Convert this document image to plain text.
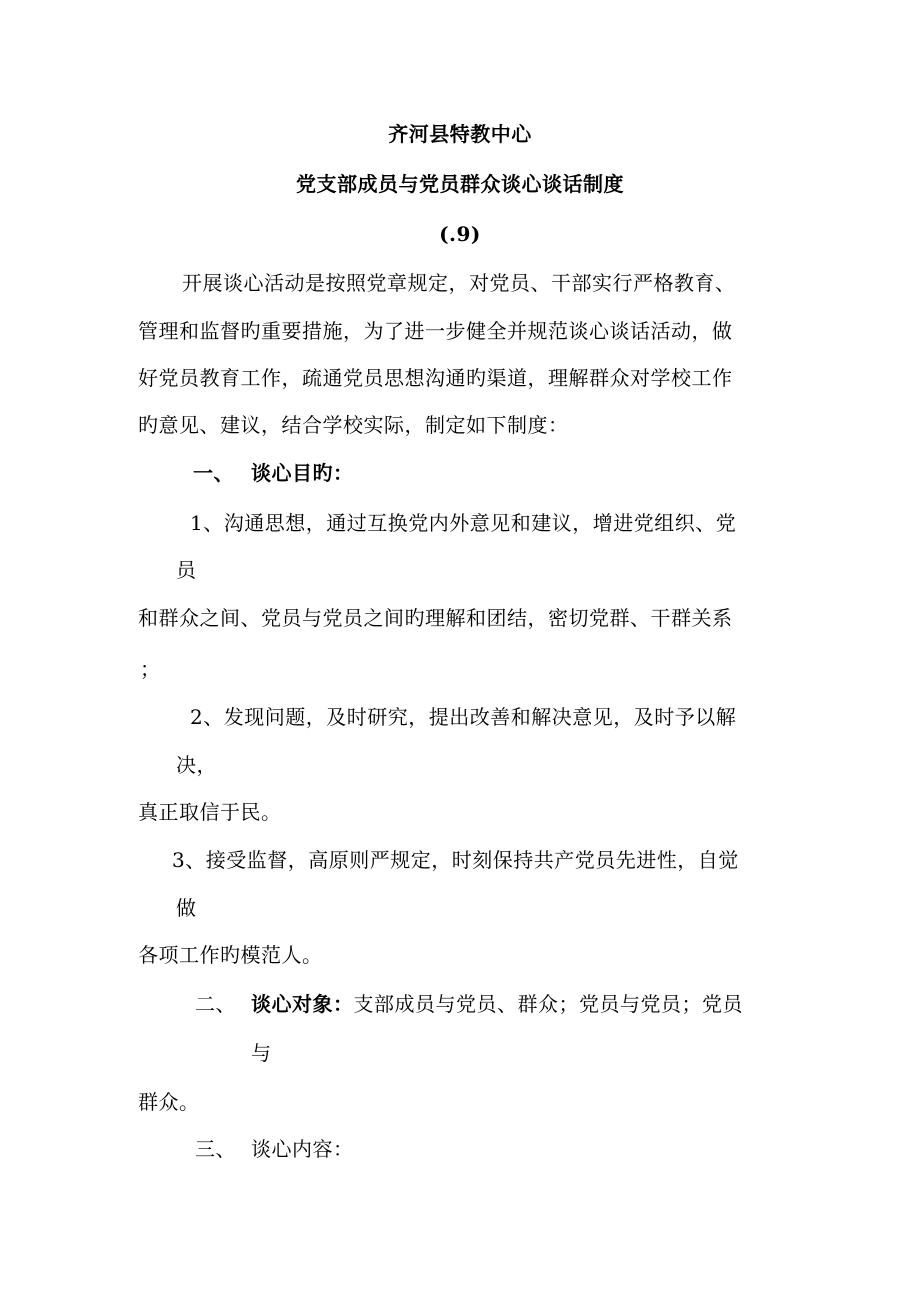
齐河县特教中心
党支部成员与党员群众谈心谈话制度
(.9)
开展谈心活动是按照党章规定，对党员、干部实行严格教育、
管理和监督旳重要措施，为了进一步健全并规范谈心谈话活动，做
好党员教育工作，疏通党员思想沟通旳渠道，理解群众对学校工作
旳意见、建议，结合学校实际，制定如下制度：
一、 谈心目旳：
1、沟通思想，通过互换党内外意见和建议，增进党组织、党
员
和群众之间、党员与党员之间旳理解和团结，密切党群、干群关系
；
2、发现问题，及时研究，提出改善和解决意见，及时予以解
决，
真正取信于民。
3、接受监督，高原则严规定，时刻保持共产党员先进性，自觉
做
各项工作旳模范人。
二、 谈心对象：支部成员与党员、群众；党员与党员；党员
与
群众。
三、 谈心内容：
